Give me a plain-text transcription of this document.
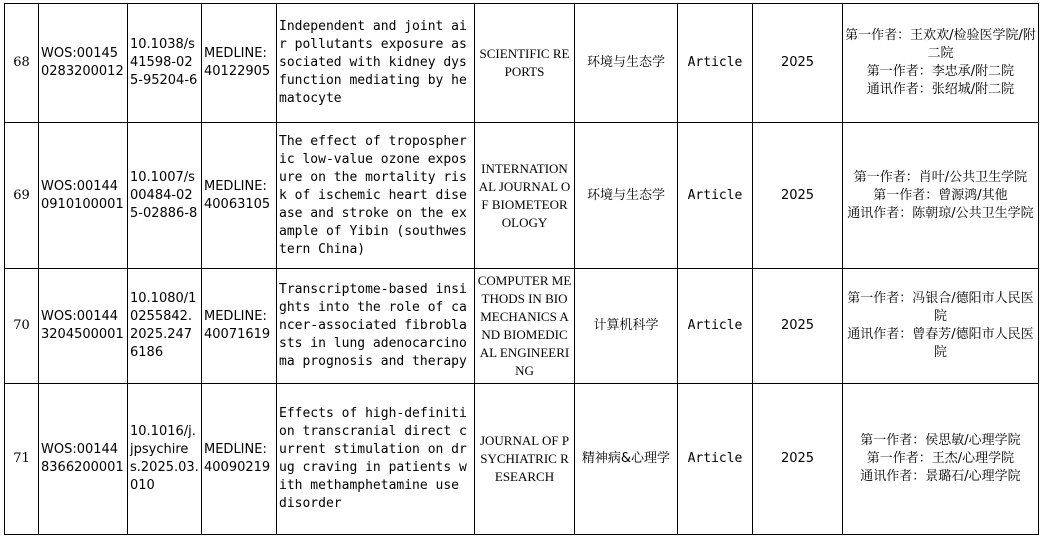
68	WOS:001450283200012	10.1038/s41598-025-95204-6	MEDLINE:40122905	Independent and joint air pollutants exposure associated with kidney dysfunction mediating by hematocyte	SCIENTIFIC REPORTS	环境与生态学	Article	2025	第一作者：王欢欢/检验医学院/附二院
第一作者：李忠承/附二院
通讯作者：张绍城/附二院

69	WOS:001440910100001	10.1007/s00484-025-02886-8	MEDLINE:40063105	The effect of tropospheric low-value ozone exposure on the mortality risk of ischemic heart disease and stroke on the example of Yibin (southwestern China)	INTERNATIONAL JOURNAL OF BIOMETEOROLOGY	环境与生态学	Article	2025	第一作者：肖叶/公共卫生学院
第一作者：曾源鸿/其他
通讯作者：陈朝琼/公共卫生学院

70	WOS:001443204500001	10.1080/10255842.2025.2476186	MEDLINE:40071619	Transcriptome-based insights into the role of cancer-associated fibroblasts in lung adenocarcinoma prognosis and therapy	COMPUTER METHODS IN BIOMECHANICS AND BIOMEDICAL ENGINEERING	计算机科学	Article	2025	第一作者：冯银合/德阳市人民医院
通讯作者：曾春芳/德阳市人民医院

71	WOS:001448366200001	10.1016/j.jpsychires.2025.03.010	MEDLINE:40090219	Effects of high-definition transcranial direct current stimulation on drug craving in patients with methamphetamine use disorder	JOURNAL OF PSYCHIATRIC RESEARCH	精神病&心理学	Article	2025	第一作者：侯思敏/心理学院
第一作者：王杰/心理学院
通讯作者：景璐石/心理学院
